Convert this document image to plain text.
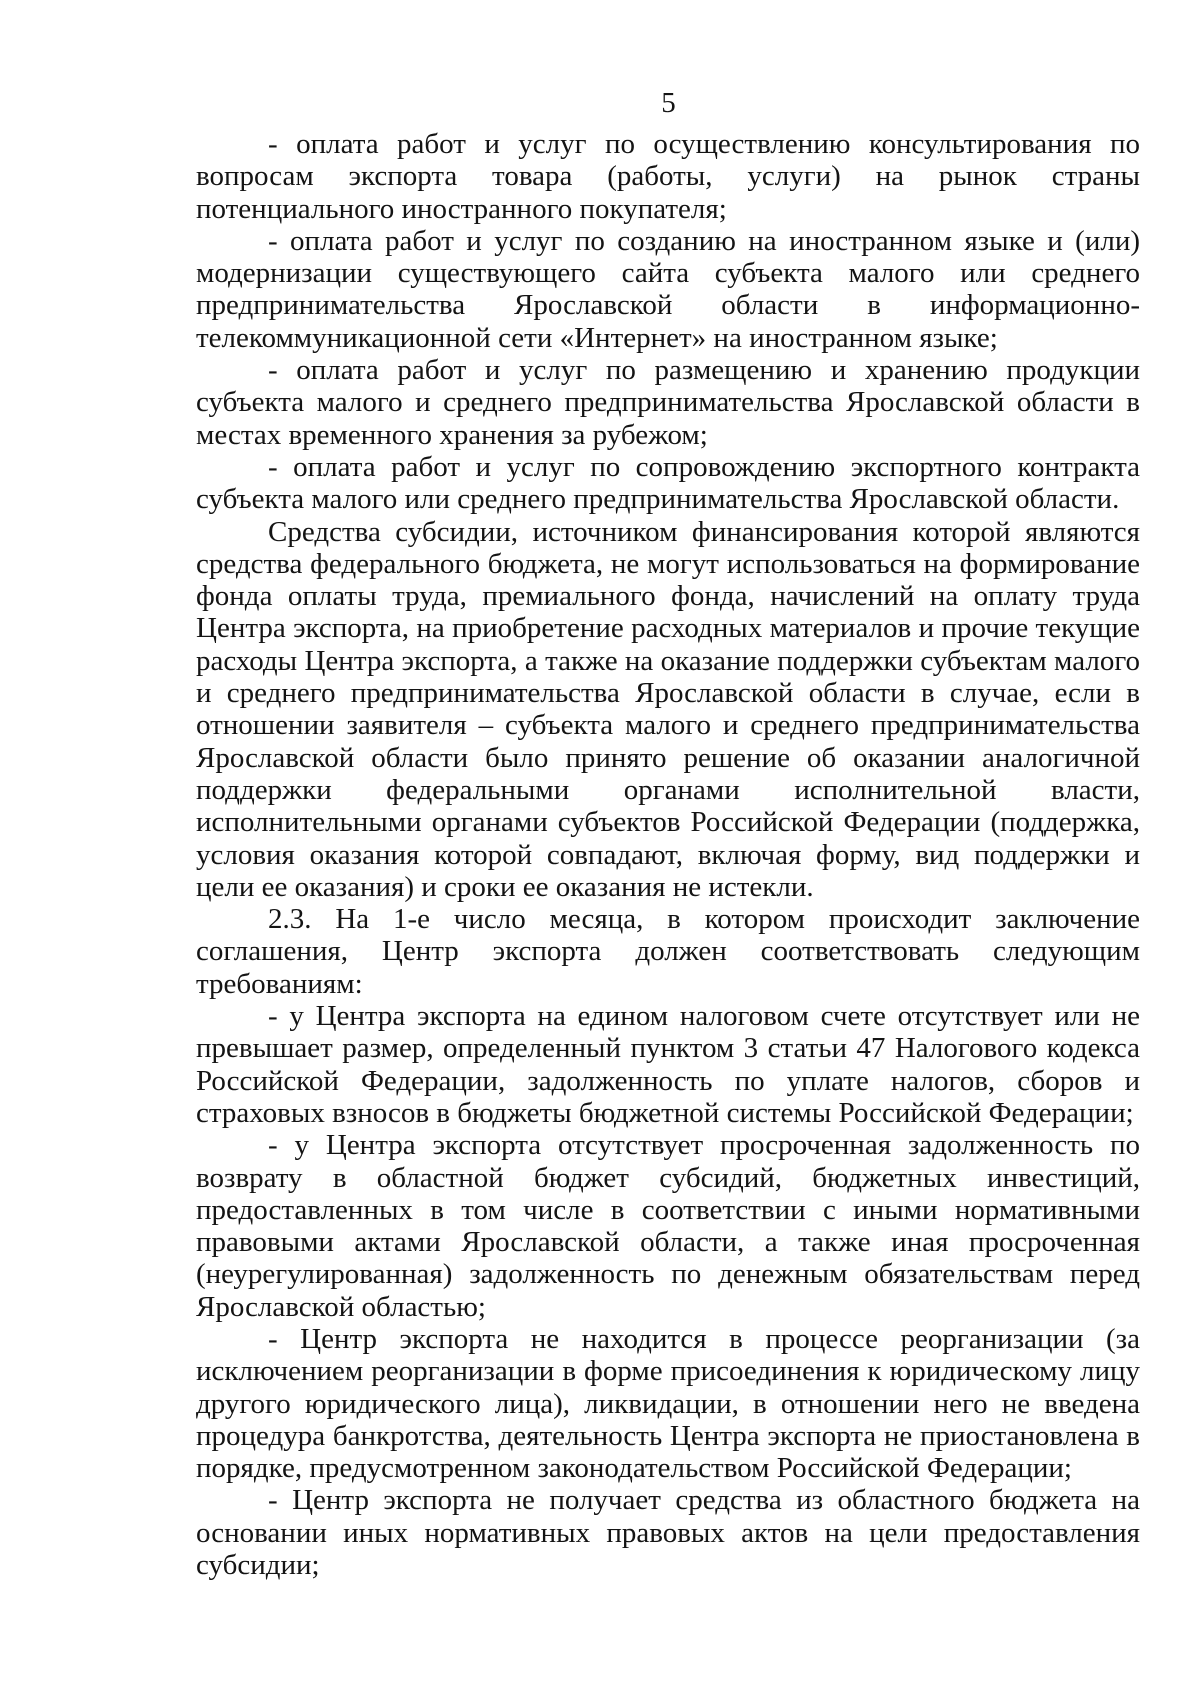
5

- оплата работ и услуг по осуществлению консультирования по вопросам экспорта товара (работы, услуги) на рынок страны потенциального иностранного покупателя;

- оплата работ и услуг по созданию на иностранном языке и (или) модернизации существующего сайта субъекта малого или среднего предпринимательства Ярославской области в информационно-телекоммуникационной сети «Интернет» на иностранном языке;

- оплата работ и услуг по размещению и хранению продукции субъекта малого и среднего предпринимательства Ярославской области в местах временного хранения за рубежом;

- оплата работ и услуг по сопровождению экспортного контракта субъекта малого или среднего предпринимательства Ярославской области.

Средства субсидии, источником финансирования которой являются средства федерального бюджета, не могут использоваться на формирование фонда оплаты труда, премиального фонда, начислений на оплату труда Центра экспорта, на приобретение расходных материалов и прочие текущие расходы Центра экспорта, а также на оказание поддержки субъектам малого и среднего предпринимательства Ярославской области в случае, если в отношении заявителя – субъекта малого и среднего предпринимательства Ярославской области было принято решение об оказании аналогичной поддержки федеральными органами исполнительной власти, исполнительными органами субъектов Российской Федерации (поддержка, условия оказания которой совпадают, включая форму, вид поддержки и цели ее оказания) и сроки ее оказания не истекли.

2.3. На 1-е число месяца, в котором происходит заключение соглашения, Центр экспорта должен соответствовать следующим требованиям:

- у Центра экспорта на едином налоговом счете отсутствует или не превышает размер, определенный пунктом 3 статьи 47 Налогового кодекса Российской Федерации, задолженность по уплате налогов, сборов и страховых взносов в бюджеты бюджетной системы Российской Федерации;

- у Центра экспорта отсутствует просроченная задолженность по возврату в областной бюджет субсидий, бюджетных инвестиций, предоставленных в том числе в соответствии с иными нормативными правовыми актами Ярославской области, а также иная просроченная (неурегулированная) задолженность по денежным обязательствам перед Ярославской областью;

- Центр экспорта не находится в процессе реорганизации (за исключением реорганизации в форме присоединения к юридическому лицу другого юридического лица), ликвидации, в отношении него не введена процедура банкротства, деятельность Центра экспорта не приостановлена в порядке, предусмотренном законодательством Российской Федерации;

- Центр экспорта не получает средства из областного бюджета на основании иных нормативных правовых актов на цели предоставления субсидии;
